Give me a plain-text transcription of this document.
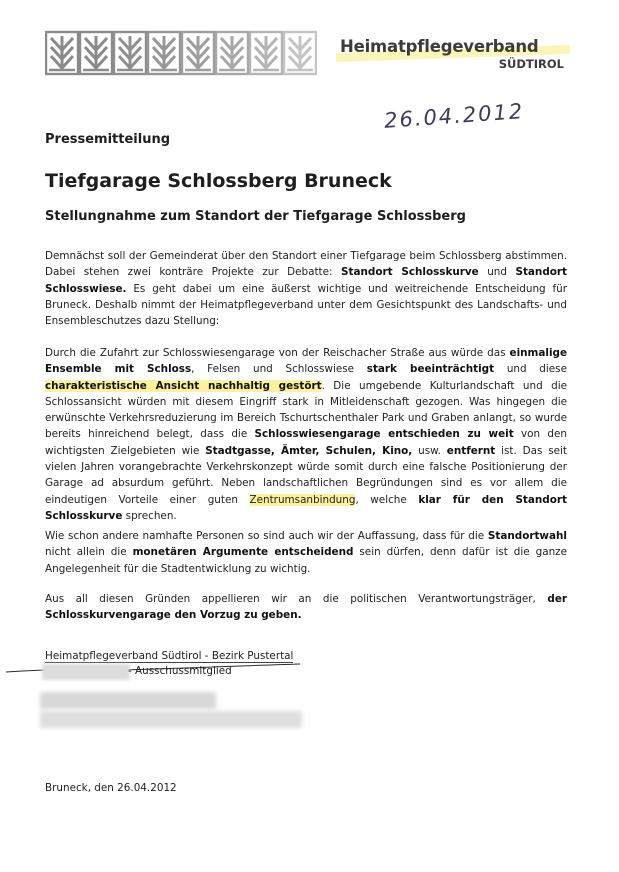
Heimatpflegeverband
SÜDTIROL
26.04.2012
Pressemitteilung
Tiefgarage Schlossberg Bruneck
Stellungnahme zum Standort der Tiefgarage Schlossberg
Demnächst soll der Gemeinderat über den Standort einer Tiefgarage beim Schlossberg abstimmen. Dabei stehen zwei konträre Projekte zur Debatte: Standort Schlosskurve und Standort Schlosswiese. Es geht dabei um eine äußerst wichtige und weitreichende Entscheidung für Bruneck. Deshalb nimmt der Heimatpflegeverband unter dem Gesichtspunkt des Landschafts- und Ensembleschutzes dazu Stellung:
Durch die Zufahrt zur Schlosswiesengarage von der Reischacher Straße aus würde das einmalige Ensemble mit Schloss, Felsen und Schlosswiese stark beeinträchtigt und diese charakteristische Ansicht nachhaltig gestört. Die umgebende Kulturlandschaft und die Schlossansicht würden mit diesem Eingriff stark in Mitleidenschaft gezogen. Was hingegen die erwünschte Verkehrsreduzierung im Bereich Tschurtschenthaler Park und Graben anlangt, so wurde bereits hinreichend belegt, dass die Schlosswiesengarage entschieden zu weit von den wichtigsten Zielgebieten wie Stadtgasse, Ämter, Schulen, Kino, usw. entfernt ist. Das seit vielen Jahren vorangebrachte Verkehrskonzept würde somit durch eine falsche Positionierung der Garage ad absurdum geführt. Neben landschaftlichen Begründungen sind es vor allem die eindeutigen Vorteile einer guten Zentrumsanbindung, welche klar für den Standort Schlosskurve sprechen.
Wie schon andere namhafte Personen so sind auch wir der Auffassung, dass für die Standortwahl nicht allein die monetären Argumente entscheidend sein dürfen, denn dafür ist die ganze Angelegenheit für die Stadtentwicklung zu wichtig.
Aus all diesen Gründen appellieren wir an die politischen Verantwortungsträger, der Schlosskurvengarage den Vorzug zu geben.
Heimatpflegeverband Südtirol - Bezirk Pustertal
- Ausschussmitglied
Bruneck, den 26.04.2012
